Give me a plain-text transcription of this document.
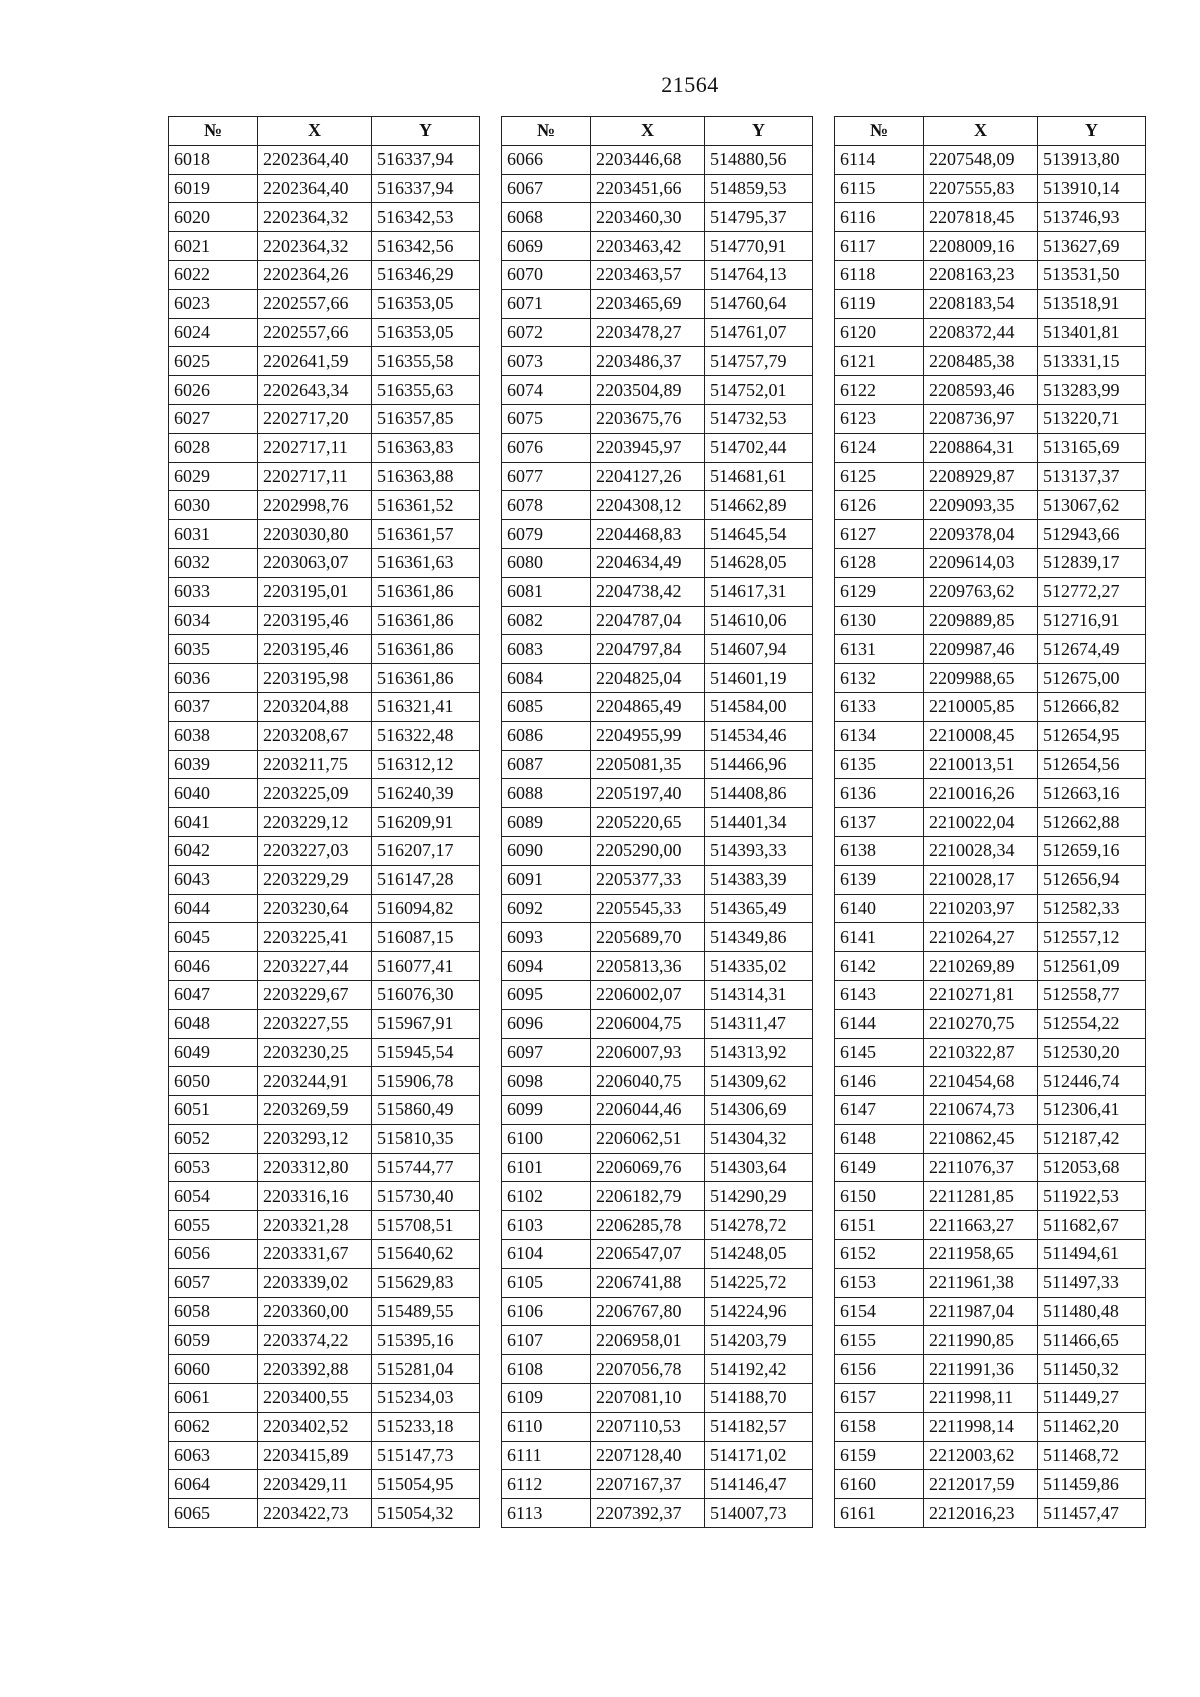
21564
№	X	Y
6018	2202364,40	516337,94
6019	2202364,40	516337,94
6020	2202364,32	516342,53
6021	2202364,32	516342,56
6022	2202364,26	516346,29
6023	2202557,66	516353,05
6024	2202557,66	516353,05
6025	2202641,59	516355,58
6026	2202643,34	516355,63
6027	2202717,20	516357,85
6028	2202717,11	516363,83
6029	2202717,11	516363,88
6030	2202998,76	516361,52
6031	2203030,80	516361,57
6032	2203063,07	516361,63
6033	2203195,01	516361,86
6034	2203195,46	516361,86
6035	2203195,46	516361,86
6036	2203195,98	516361,86
6037	2203204,88	516321,41
6038	2203208,67	516322,48
6039	2203211,75	516312,12
6040	2203225,09	516240,39
6041	2203229,12	516209,91
6042	2203227,03	516207,17
6043	2203229,29	516147,28
6044	2203230,64	516094,82
6045	2203225,41	516087,15
6046	2203227,44	516077,41
6047	2203229,67	516076,30
6048	2203227,55	515967,91
6049	2203230,25	515945,54
6050	2203244,91	515906,78
6051	2203269,59	515860,49
6052	2203293,12	515810,35
6053	2203312,80	515744,77
6054	2203316,16	515730,40
6055	2203321,28	515708,51
6056	2203331,67	515640,62
6057	2203339,02	515629,83
6058	2203360,00	515489,55
6059	2203374,22	515395,16
6060	2203392,88	515281,04
6061	2203400,55	515234,03
6062	2203402,52	515233,18
6063	2203415,89	515147,73
6064	2203429,11	515054,95
6065	2203422,73	515054,32
№	X	Y
6066	2203446,68	514880,56
6067	2203451,66	514859,53
6068	2203460,30	514795,37
6069	2203463,42	514770,91
6070	2203463,57	514764,13
6071	2203465,69	514760,64
6072	2203478,27	514761,07
6073	2203486,37	514757,79
6074	2203504,89	514752,01
6075	2203675,76	514732,53
6076	2203945,97	514702,44
6077	2204127,26	514681,61
6078	2204308,12	514662,89
6079	2204468,83	514645,54
6080	2204634,49	514628,05
6081	2204738,42	514617,31
6082	2204787,04	514610,06
6083	2204797,84	514607,94
6084	2204825,04	514601,19
6085	2204865,49	514584,00
6086	2204955,99	514534,46
6087	2205081,35	514466,96
6088	2205197,40	514408,86
6089	2205220,65	514401,34
6090	2205290,00	514393,33
6091	2205377,33	514383,39
6092	2205545,33	514365,49
6093	2205689,70	514349,86
6094	2205813,36	514335,02
6095	2206002,07	514314,31
6096	2206004,75	514311,47
6097	2206007,93	514313,92
6098	2206040,75	514309,62
6099	2206044,46	514306,69
6100	2206062,51	514304,32
6101	2206069,76	514303,64
6102	2206182,79	514290,29
6103	2206285,78	514278,72
6104	2206547,07	514248,05
6105	2206741,88	514225,72
6106	2206767,80	514224,96
6107	2206958,01	514203,79
6108	2207056,78	514192,42
6109	2207081,10	514188,70
6110	2207110,53	514182,57
6111	2207128,40	514171,02
6112	2207167,37	514146,47
6113	2207392,37	514007,73
№	X	Y
6114	2207548,09	513913,80
6115	2207555,83	513910,14
6116	2207818,45	513746,93
6117	2208009,16	513627,69
6118	2208163,23	513531,50
6119	2208183,54	513518,91
6120	2208372,44	513401,81
6121	2208485,38	513331,15
6122	2208593,46	513283,99
6123	2208736,97	513220,71
6124	2208864,31	513165,69
6125	2208929,87	513137,37
6126	2209093,35	513067,62
6127	2209378,04	512943,66
6128	2209614,03	512839,17
6129	2209763,62	512772,27
6130	2209889,85	512716,91
6131	2209987,46	512674,49
6132	2209988,65	512675,00
6133	2210005,85	512666,82
6134	2210008,45	512654,95
6135	2210013,51	512654,56
6136	2210016,26	512663,16
6137	2210022,04	512662,88
6138	2210028,34	512659,16
6139	2210028,17	512656,94
6140	2210203,97	512582,33
6141	2210264,27	512557,12
6142	2210269,89	512561,09
6143	2210271,81	512558,77
6144	2210270,75	512554,22
6145	2210322,87	512530,20
6146	2210454,68	512446,74
6147	2210674,73	512306,41
6148	2210862,45	512187,42
6149	2211076,37	512053,68
6150	2211281,85	511922,53
6151	2211663,27	511682,67
6152	2211958,65	511494,61
6153	2211961,38	511497,33
6154	2211987,04	511480,48
6155	2211990,85	511466,65
6156	2211991,36	511450,32
6157	2211998,11	511449,27
6158	2211998,14	511462,20
6159	2212003,62	511468,72
6160	2212017,59	511459,86
6161	2212016,23	511457,47
